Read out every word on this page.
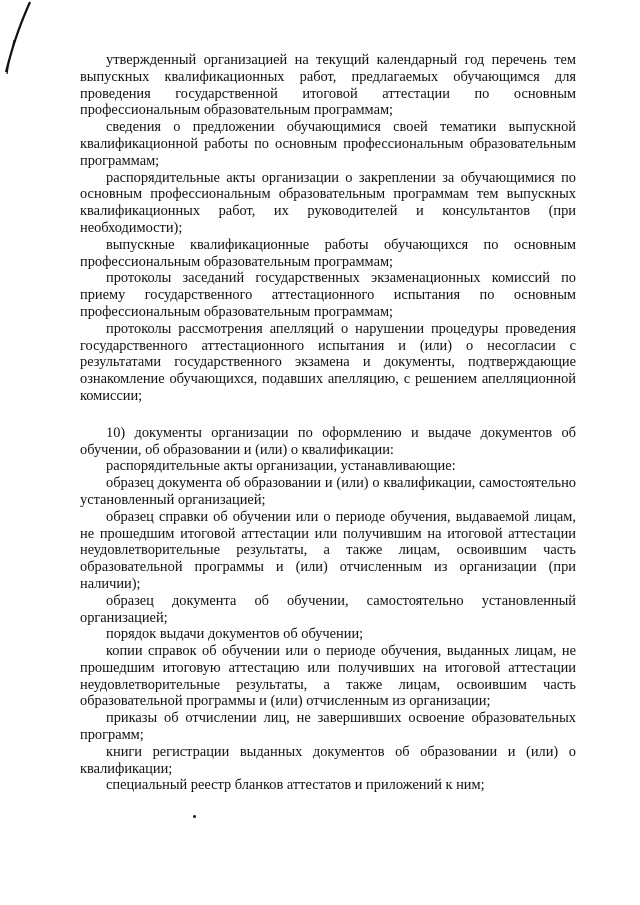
утвержденный организацией на текущий календарный год перечень тем выпускных квалификационных работ, предлагаемых обучающимся для проведения государственной итоговой аттестации по основным профессиональным образовательным программам;

сведения о предложении обучающимися своей тематики выпускной квалификационной работы по основным профессиональным образовательным программам;

распорядительные акты организации о закреплении за обучающимися по основным профессиональным образовательным программам тем выпускных квалификационных работ, их руководителей и консультантов (при необходимости);

выпускные квалификационные работы обучающихся по основным профессиональным образовательным программам;

протоколы заседаний государственных экзаменационных комиссий по приему государственного аттестационного испытания по основным профессиональным образовательным программам;

протоколы рассмотрения апелляций о нарушении процедуры проведения государственного аттестационного испытания и (или) о несогласии с результатами государственного экзамена и документы, подтверждающие ознакомление обучающихся, подавших апелляцию, с решением апелляционной комиссии;

10) документы организации по оформлению и выдаче документов об обучении, об образовании и (или) о квалификации:

распорядительные акты организации, устанавливающие:

образец документа об образовании и (или) о квалификации, самостоятельно установленный организацией;

образец справки об обучении или о периоде обучения, выдаваемой лицам, не прошедшим итоговой аттестации или получившим на итоговой аттестации неудовлетворительные результаты, а также лицам, освоившим часть образовательной программы и (или) отчисленным из организации (при наличии);

образец документа об обучении, самостоятельно установленный организацией;

порядок выдачи документов об обучении;

копии справок об обучении или о периоде обучения, выданных лицам, не прошедшим итоговую аттестацию или получивших на итоговой аттестации неудовлетворительные результаты, а также лицам, освоившим часть образовательной программы и (или) отчисленным из организации;

приказы об отчислении лиц, не завершивших освоение образовательных программ;

книги регистрации выданных документов об образовании и (или) о квалификации;

специальный реестр бланков аттестатов и приложений к ним;
